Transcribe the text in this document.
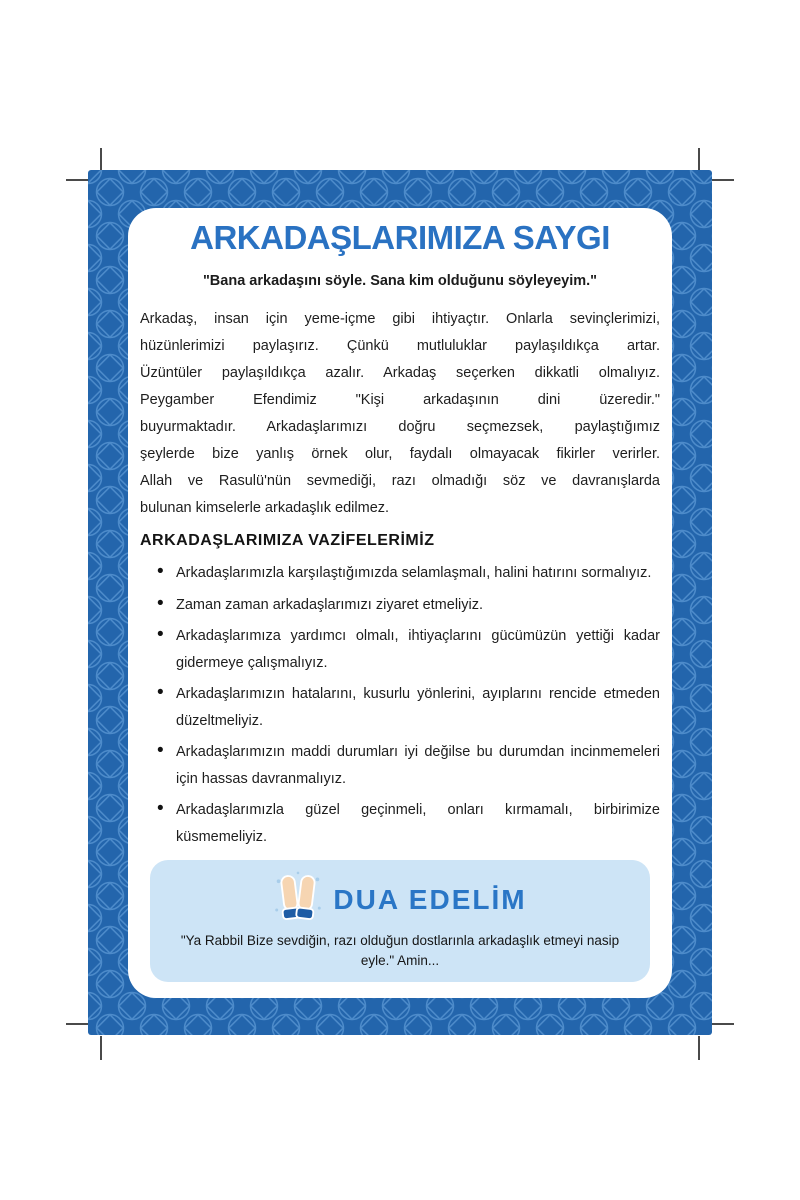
ARKADAŞLARIMIZA SAYGI
"Bana arkadaşını söyle. Sana kim olduğunu söyleyeyim."
Arkadaş, insan için yeme-içme gibi ihtiyaçtır. Onlarla sevinçlerimizi,
hüzünlerimizi paylaşırız. Çünkü mutluluklar paylaşıldıkça artar.
Üzüntüler paylaşıldıkça azalır. Arkadaş seçerken dikkatli olmalıyız.
Peygamber Efendimiz "Kişi arkadaşının dini üzeredir."
buyurmaktadır. Arkadaşlarımızı doğru seçmezsek, paylaştığımız
şeylerde bize yanlış örnek olur, faydalı olmayacak fikirler verirler.
Allah ve Rasulü'nün sevmediği, razı olmadığı söz ve davranışlarda
bulunan kimselerle arkadaşlık edilmez.
ARKADAŞLARIMIZA VAZİFELERİMİZ
• Arkadaşlarımızla karşılaştığımızda selamlaşmalı, halini hatırını sormalıyız.
• Zaman zaman arkadaşlarımızı ziyaret etmeliyiz.
• Arkadaşlarımıza yardımcı olmalı, ihtiyaçlarını gücümüzün yettiği kadar gidermeye çalışmalıyız.
• Arkadaşlarımızın hatalarını, kusurlu yönlerini, ayıplarını rencide etmeden düzeltmeliyiz.
• Arkadaşlarımızın maddi durumları iyi değilse bu durumdan incinmemeleri için hassas davranmalıyız.
• Arkadaşlarımızla güzel geçinmeli, onları kırmamalı, birbirimize küsmemeliyiz.
DUA EDELİM
"Ya Rabbil Bize sevdiğin, razı olduğun dostlarınla arkadaşlık etmeyi nasip eyle." Amin...
